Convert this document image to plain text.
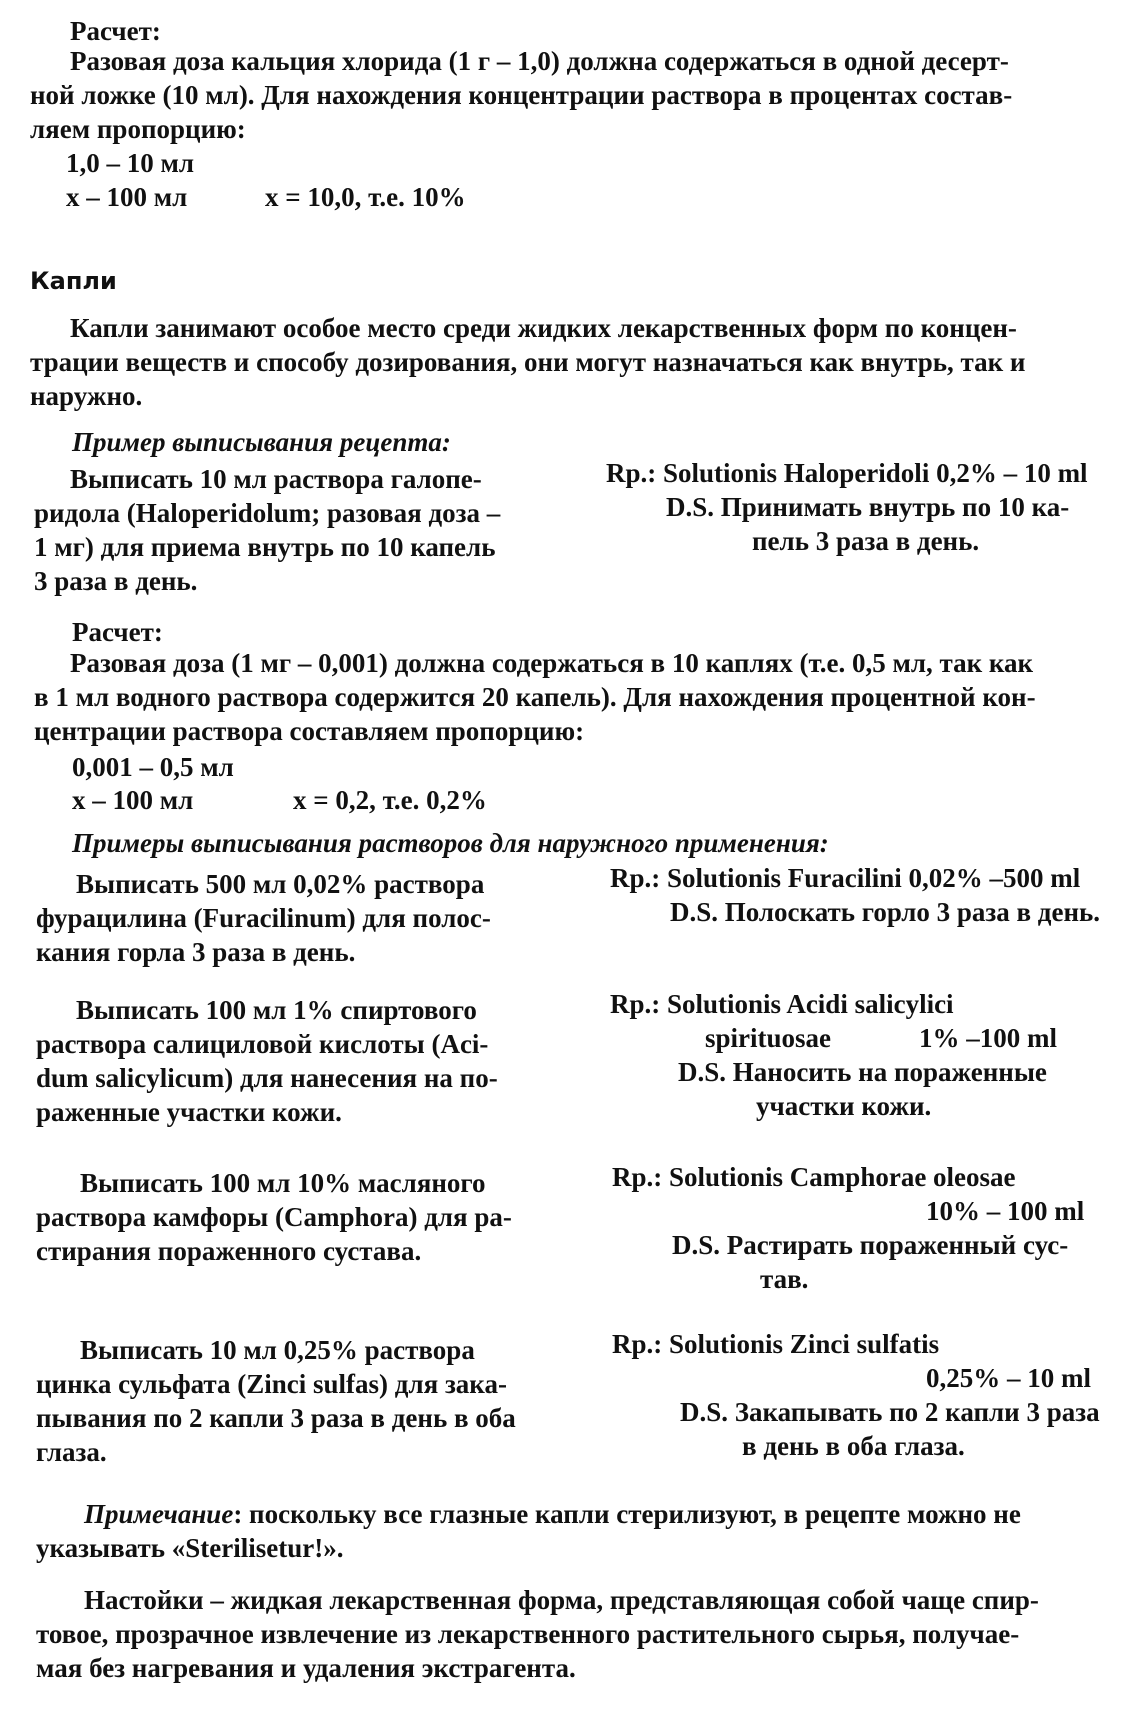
Расчет:
Разовая доза кальция хлорида (1 г – 1,0) должна содержаться в одной десерт-
ной ложке (10 мл). Для нахождения концентрации раствора в процентах состав-
ляем пропорцию:
1,0 – 10 мл
х – 100 мл	х = 10,0, т.е. 10%
Капли
Капли занимают особое место среди жидких лекарственных форм по концен-
трации веществ и способу дозирования, они могут назначаться как внутрь, так и
наружно.
Пример выписывания рецепта:
Выписать 10 мл раствора галопе-
ридола (Haloperidolum; разовая доза –
1 мг) для приема внутрь по 10 капель
3 раза в день.
Rp.: Solutionis Haloperidoli 0,2% – 10 ml
D.S. Принимать внутрь по 10 ка-
пель 3 раза в день.
Расчет:
Разовая доза (1 мг – 0,001) должна содержаться в 10 каплях (т.е. 0,5 мл, так как
в 1 мл водного раствора содержится 20 капель). Для нахождения процентной кон-
центрации раствора составляем пропорцию:
0,001 – 0,5 мл
х – 100 мл	х = 0,2, т.е. 0,2%
Примеры выписывания растворов для наружного применения:
Выписать 500 мл 0,02% раствора
фурацилина (Furacilinum) для полос-
кания горла 3 раза в день.
Rp.: Solutionis Furacilini 0,02% –500 ml
D.S. Полоскать горло 3 раза в день.
Выписать 100 мл 1% спиртового
раствора салициловой кислоты (Aci-
dum salicylicum) для нанесения на по-
раженные участки кожи.
Rp.: Solutionis Acidi salicylici
spirituosae	1% –100 ml
D.S. Наносить на пораженные
участки кожи.
Выписать 100 мл 10% масляного
раствора камфоры (Camphora) для ра-
стирания пораженного сустава.
Rp.: Solutionis Camphorae oleosae
10% – 100 ml
D.S. Растирать пораженный сус-
тав.
Выписать 10 мл 0,25% раствора
цинка сульфата (Zinci sulfas) для зака-
пывания по 2 капли 3 раза в день в оба
глаза.
Rp.: Solutionis Zinci sulfatis
0,25% – 10 ml
D.S. Закапывать по 2 капли 3 раза
в день в оба глаза.
Примечание: поскольку все глазные капли стерилизуют, в рецепте можно не
указывать «Sterilisetur!».
Настойки – жидкая лекарственная форма, представляющая собой чаще спир-
товое, прозрачное извлечение из лекарственного растительного сырья, получае-
мая без нагревания и удаления экстрагента.
